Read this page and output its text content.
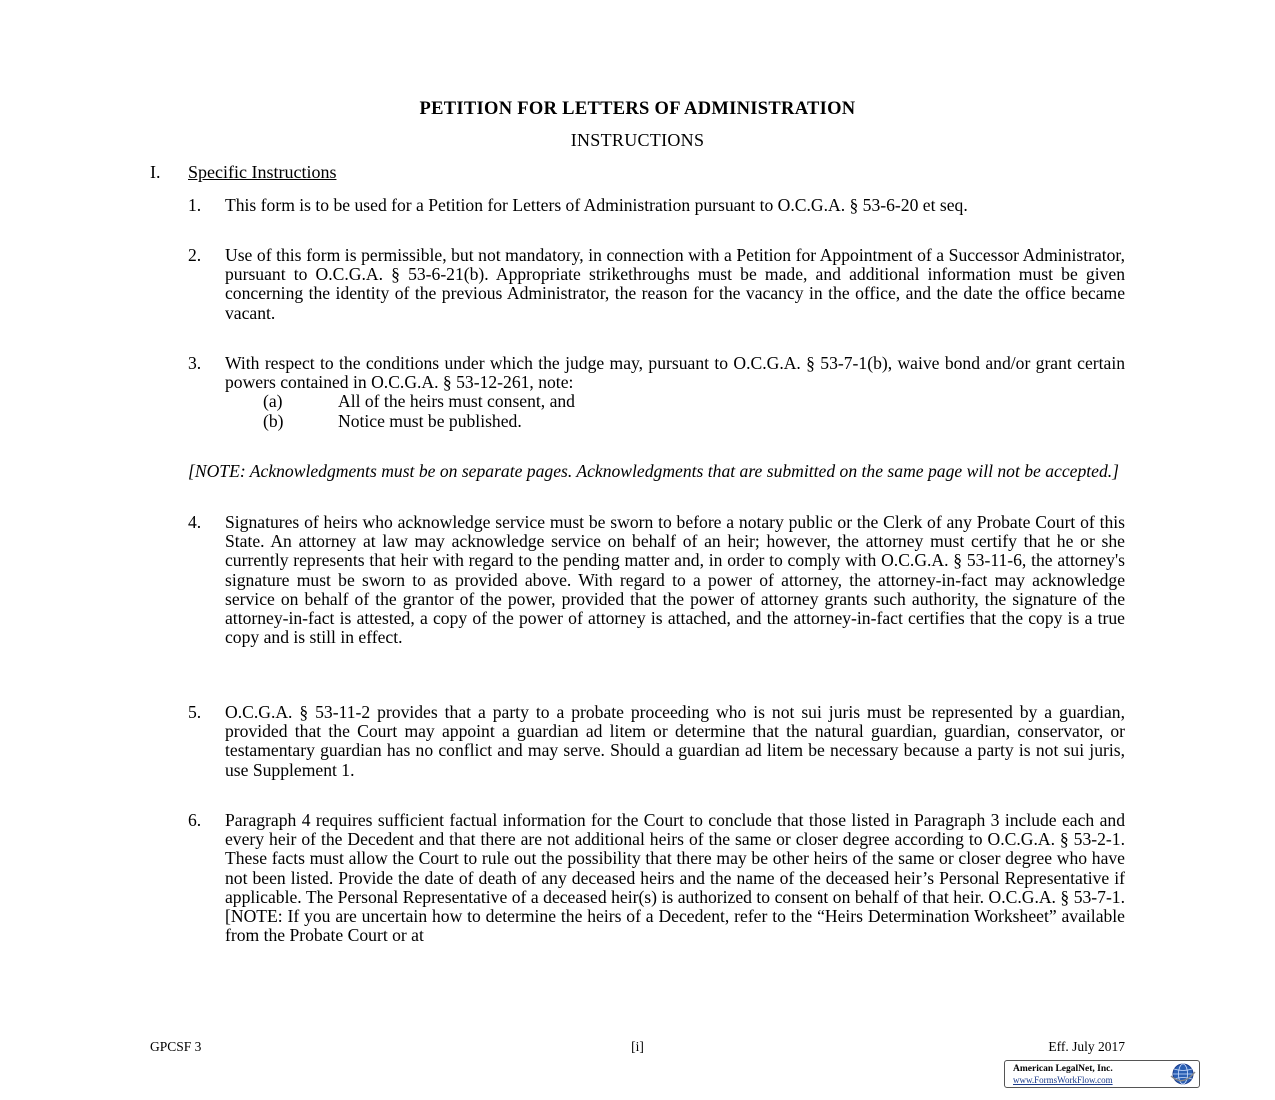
PETITION FOR LETTERS OF ADMINISTRATION
INSTRUCTIONS
I. Specific Instructions
1. This form is to be used for a Petition for Letters of Administration pursuant to O.C.G.A. § 53-6-20 et seq.
2. Use of this form is permissible, but not mandatory, in connection with a Petition for Appointment of a Successor Administrator, pursuant to O.C.G.A. § 53-6-21(b). Appropriate strikethroughs must be made, and additional information must be given concerning the identity of the previous Administrator, the reason for the vacancy in the office, and the date the office became vacant.
3. With respect to the conditions under which the judge may, pursuant to O.C.G.A. § 53-7-1(b), waive bond and/or grant certain powers contained in O.C.G.A. § 53-12-261, note:
(a)	All of the heirs must consent, and
(b)	Notice must be published.
[NOTE: Acknowledgments must be on separate pages. Acknowledgments that are submitted on the same page will not be accepted.]
4. Signatures of heirs who acknowledge service must be sworn to before a notary public or the Clerk of any Probate Court of this State. An attorney at law may acknowledge service on behalf of an heir; however, the attorney must certify that he or she currently represents that heir with regard to the pending matter and, in order to comply with O.C.G.A. § 53-11-6, the attorney's signature must be sworn to as provided above. With regard to a power of attorney, the attorney-in-fact may acknowledge service on behalf of the grantor of the power, provided that the power of attorney grants such authority, the signature of the attorney-in-fact is attested, a copy of the power of attorney is attached, and the attorney-in-fact certifies that the copy is a true copy and is still in effect.
5. O.C.G.A. § 53-11-2 provides that a party to a probate proceeding who is not sui juris must be represented by a guardian, provided that the Court may appoint a guardian ad litem or determine that the natural guardian, guardian, conservator, or testamentary guardian has no conflict and may serve. Should a guardian ad litem be necessary because a party is not sui juris, use Supplement 1.
6. Paragraph 4 requires sufficient factual information for the Court to conclude that those listed in Paragraph 3 include each and every heir of the Decedent and that there are not additional heirs of the same or closer degree according to O.C.G.A. § 53-2-1. These facts must allow the Court to rule out the possibility that there may be other heirs of the same or closer degree who have not been listed. Provide the date of death of any deceased heirs and the name of the deceased heir’s Personal Representative if applicable. The Personal Representative of a deceased heir(s) is authorized to consent on behalf of that heir. O.C.G.A. § 53-7-1. [NOTE: If you are uncertain how to determine the heirs of a Decedent, refer to the “Heirs Determination Worksheet” available from the Probate Court or at
GPCSF 3	[i]	Eff. July 2017
American LegalNet, Inc.
www.FormsWorkFlow.com
